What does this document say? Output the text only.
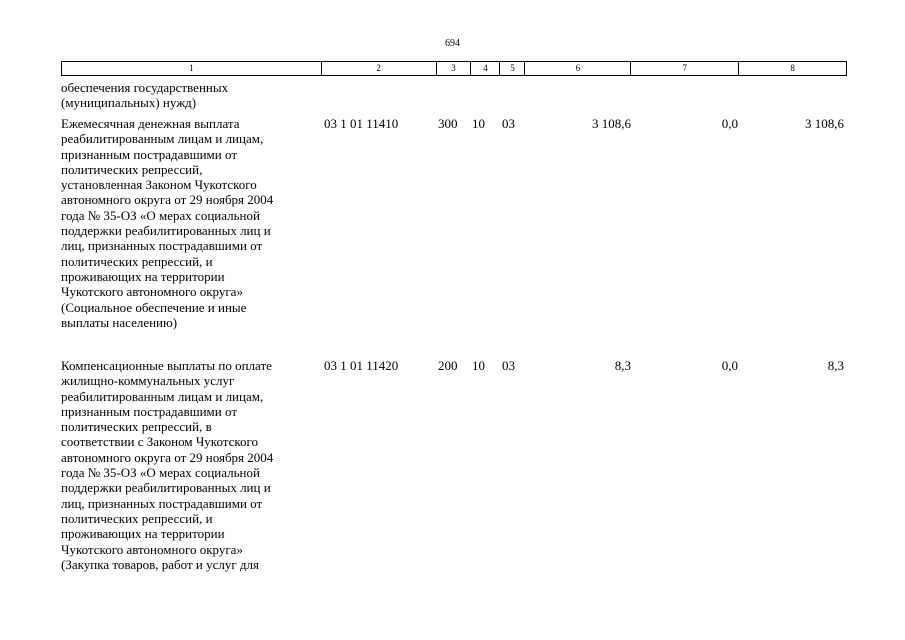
694
1	2	3	4	5	6	7	8
обеспечения государственных
(муниципальных) нужд)
Ежемесячная денежная выплата
реабилитированным лицам и лицам,
признанным пострадавшими от
политических репрессий,
установленная Законом Чукотского
автономного округа от 29 ноября 2004
года № 35-ОЗ «О мерах социальной
поддержки реабилитированных лиц и
лиц, признанных пострадавшими от
политических репрессий, и
проживающих на территории
Чукотского автономного округа»
(Социальное обеспечение и иные
выплаты населению)
03 1 01 11410	300 10 03	3 108,6	0,0	3 108,6
Компенсационные выплаты по оплате
жилищно-коммунальных услуг
реабилитированным лицам и лицам,
признанным пострадавшими от
политических репрессий, в
соответствии с Законом Чукотского
автономного округа от 29 ноября 2004
года № 35-ОЗ «О мерах социальной
поддержки реабилитированных лиц и
лиц, признанных пострадавшими от
политических репрессий, и
проживающих на территории
Чукотского автономного округа»
(Закупка товаров, работ и услуг для
03 1 01 11420	200 10 03	8,3	0,0	8,3
